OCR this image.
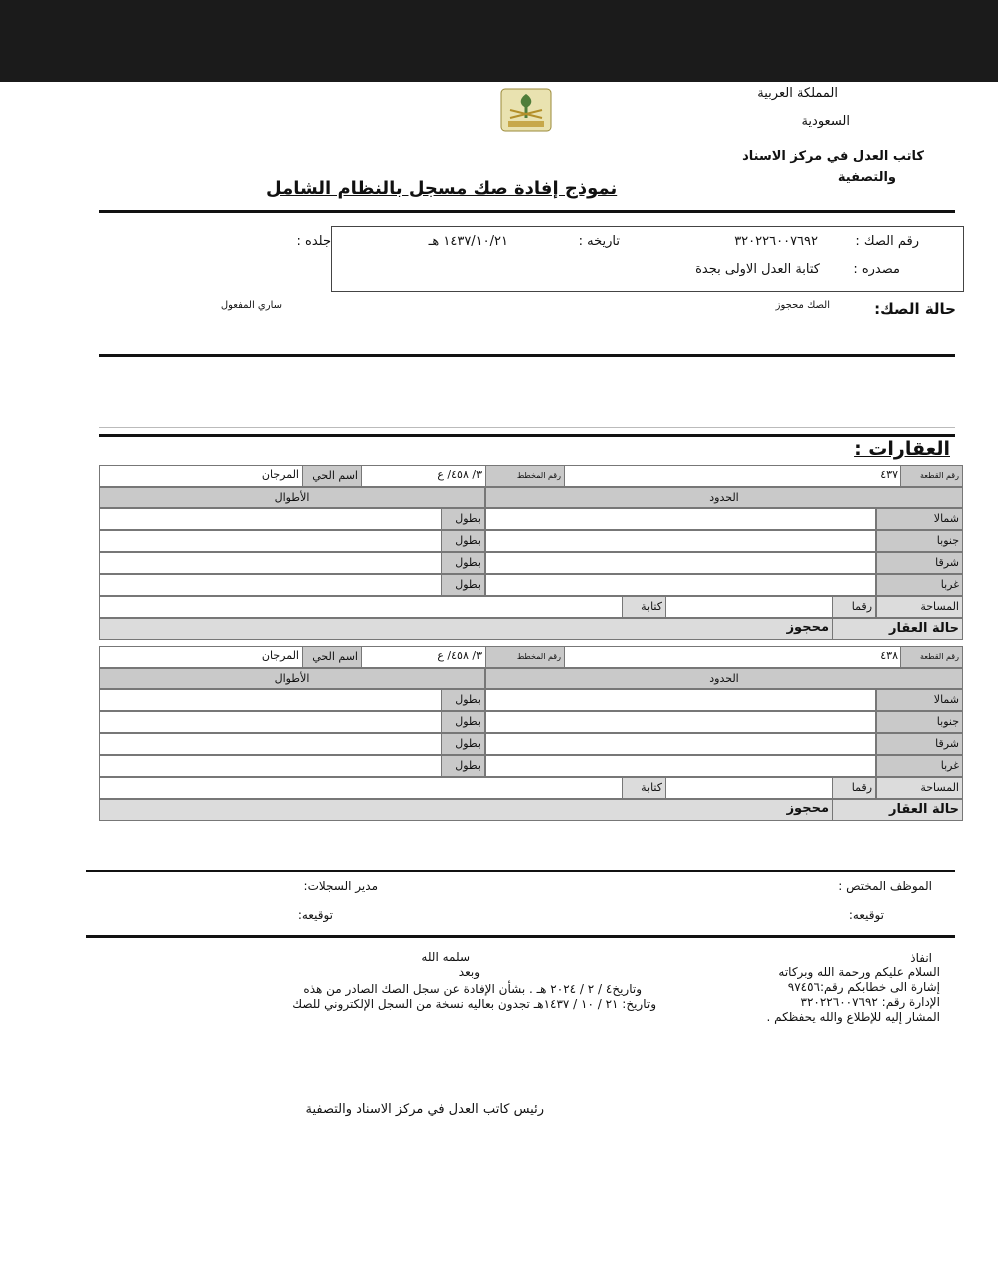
المملكة العربية
السعودية
كاتب العدل في مركز الاسناد
والتصفية
نموذج إفادة صك مسجل بالنظام الشامل
رقم الصك :
٣٢٠٢٢٦٠٠٧٦٩٢
تاريخه :
١٤٣٧/١٠/٢١ هـ
جلده :
مصدره :
كتابة العدل الاولى بجدة
حالة الصك:
الصك محجوز
ساري المفعول
العقارات :
رقم القطعة
٤٣٧
رقم المخطط
٣/ ٤٥٨/ ع
اسم الحي
المرجان
الحدود
الأطوال
شمالا
بطول
جنوبا
بطول
شرقا
بطول
غربا
بطول
المساحة
رقما
كتابة
حالة العقار
محجوز
رقم القطعة
٤٣٨
رقم المخطط
٣/ ٤٥٨/ ع
اسم الحي
المرجان
الحدود
الأطوال
شمالا
بطول
جنوبا
بطول
شرقا
بطول
غربا
بطول
المساحة
رقما
كتابة
حالة العقار
محجوز
الموظف المختص :
مدير السجلات:
توقيعه:
توقيعه:
انفاذ
سلمه الله
السلام عليكم ورحمة الله وبركاته
وبعد
إشارة الى خطابكم رقم:٩٧٤٥٦
وتاريخ٤ / ٢ / ٢٠٢٤ هـ . بشأن الإفادة عن سجل الصك الصادر من هذه
الإدارة رقم: ٣٢٠٢٢٦٠٠٧٦٩٢
وتاريخ: ٢١ / ١٠ / ١٤٣٧هـ تجدون بعاليه نسخة من السجل الإلكتروني للصك
المشار إليه للإطلاع والله يحفظكم .
رئيس كاتب العدل في مركز الاسناد والتصفية
